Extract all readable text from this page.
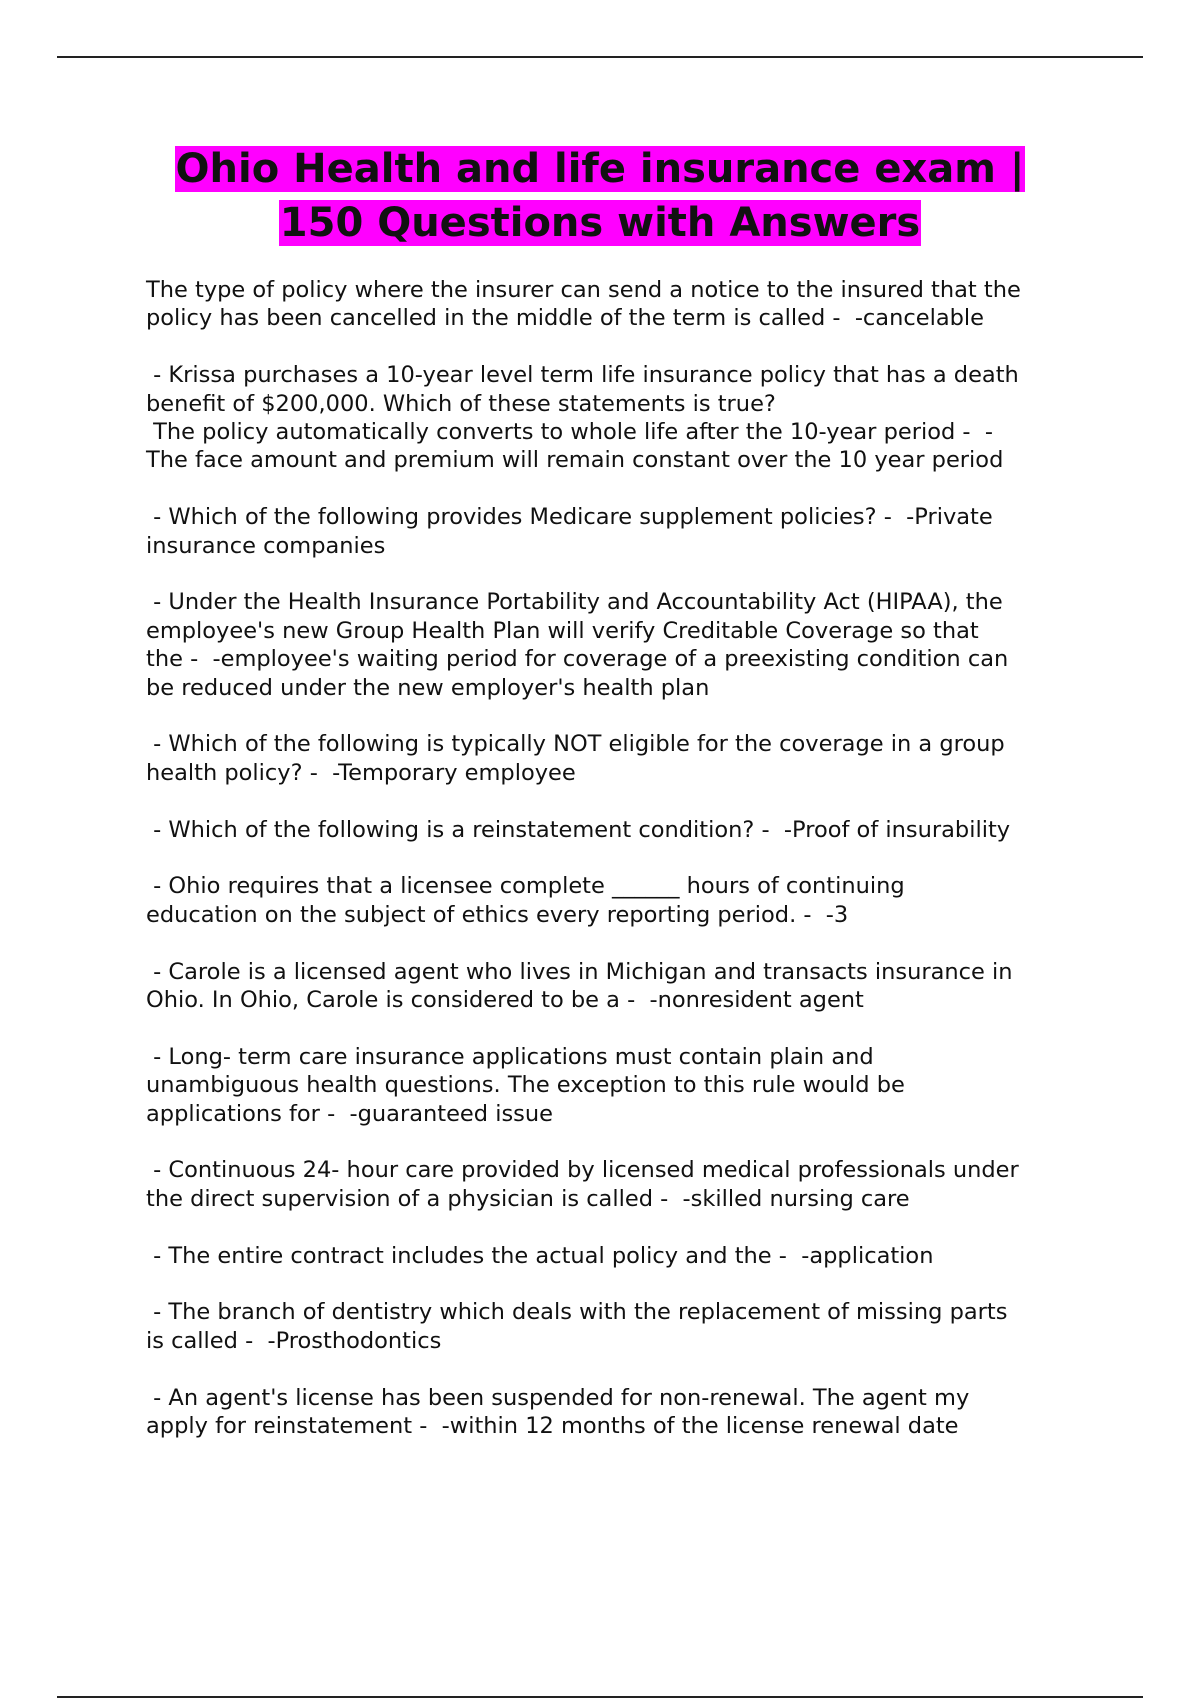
Ohio Health and life insurance exam |
150 Questions with Answers

The type of policy where the insurer can send a notice to the insured that the
policy has been cancelled in the middle of the term is called -  -cancelable

- Krissa purchases a 10-year level term life insurance policy that has a death
benefit of $200,000. Which of these statements is true?
The policy automatically converts to whole life after the 10-year period -  -
The face amount and premium will remain constant over the 10 year period

- Which of the following provides Medicare supplement policies? -  -Private
insurance companies

- Under the Health Insurance Portability and Accountability Act (HIPAA), the
employee's new Group Health Plan will verify Creditable Coverage so that
the -  -employee's waiting period for coverage of a preexisting condition can
be reduced under the new employer's health plan

- Which of the following is typically NOT eligible for the coverage in a group
health policy? -  -Temporary employee

- Which of the following is a reinstatement condition? -  -Proof of insurability

- Ohio requires that a licensee complete ______ hours of continuing
education on the subject of ethics every reporting period. -  -3

- Carole is a licensed agent who lives in Michigan and transacts insurance in
Ohio. In Ohio, Carole is considered to be a -  -nonresident agent

- Long- term care insurance applications must contain plain and
unambiguous health questions. The exception to this rule would be
applications for -  -guaranteed issue

- Continuous 24- hour care provided by licensed medical professionals under
the direct supervision of a physician is called -  -skilled nursing care

- The entire contract includes the actual policy and the -  -application

- The branch of dentistry which deals with the replacement of missing parts
is called -  -Prosthodontics

- An agent's license has been suspended for non-renewal. The agent my
apply for reinstatement -  -within 12 months of the license renewal date
